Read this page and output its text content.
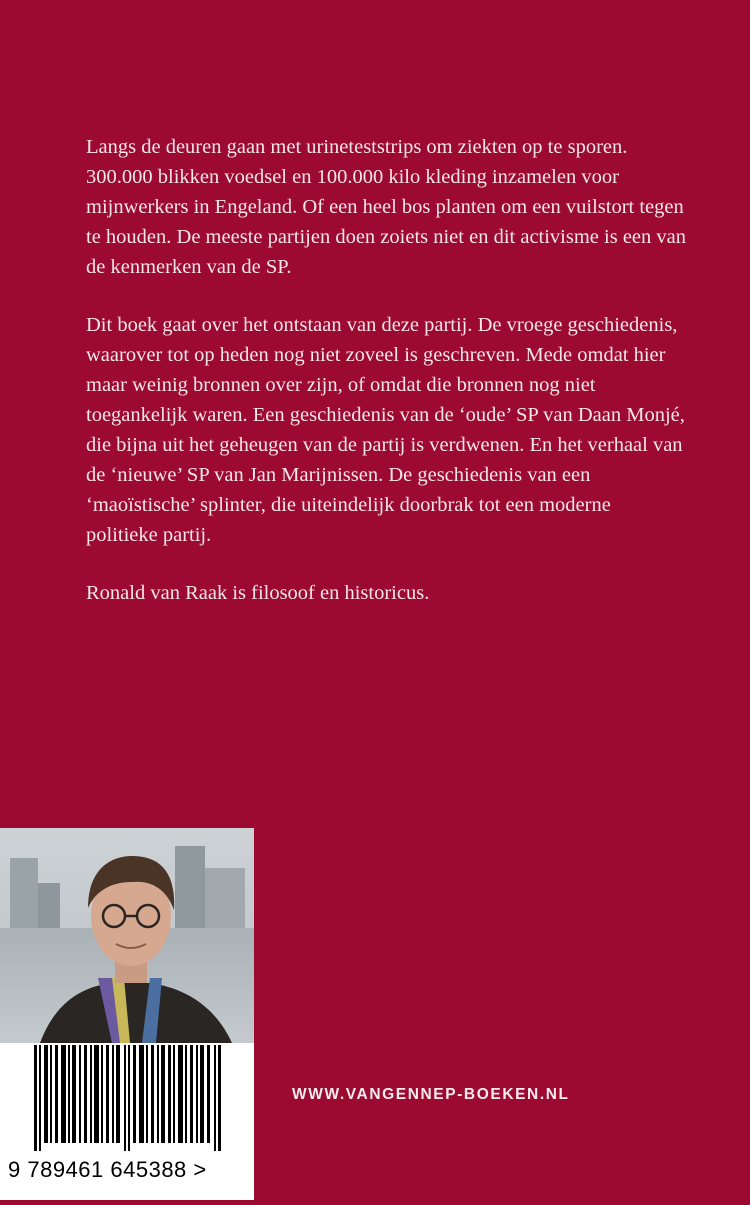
Langs de deuren gaan met urineteststrips om ziekten op te sporen. 300.000 blikken voedsel en 100.000 kilo kleding inzamelen voor mijnwerkers in Engeland. Of een heel bos planten om een vuilstort tegen te houden. De meeste partijen doen zoiets niet en dit activisme is een van de kenmerken van de SP.

Dit boek gaat over het ontstaan van deze partij. De vroege geschiedenis, waarover tot op heden nog niet zoveel is geschreven. Mede omdat hier maar weinig bronnen over zijn, of omdat die bronnen nog niet toegankelijk waren. Een geschiedenis van de ‘oude’ SP van Daan Monjé, die bijna uit het geheugen van de partij is verdwenen. En het verhaal van de ‘nieuwe’ SP van Jan Marijnissen. De geschiedenis van een ‘maoïstische’ splinter, die uiteindelijk doorbrak tot een moderne politieke partij.

Ronald van Raak is filosoof en historicus.

9 789461 645388 >
WWW.VANGENNEP-BOEKEN.NL
